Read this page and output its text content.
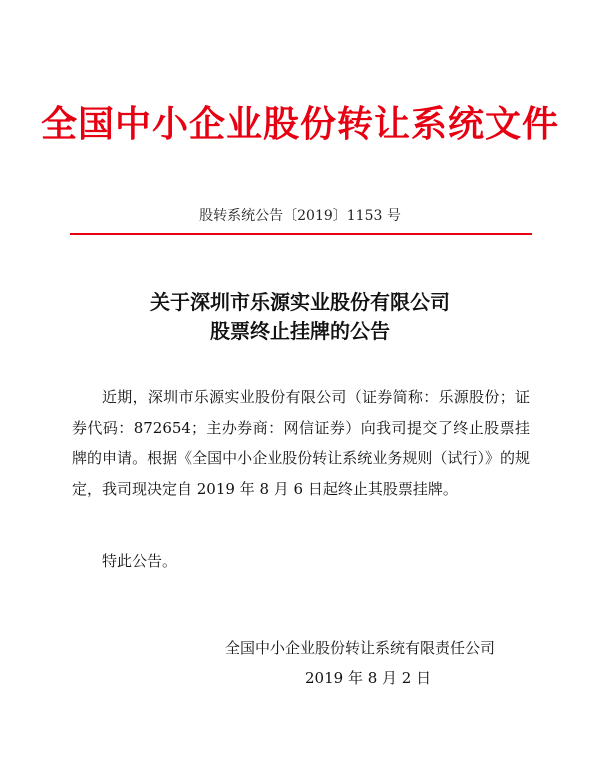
全国中小企业股份转让系统文件
股转系统公告〔2019〕1153 号
关于深圳市乐源实业股份有限公司
股票终止挂牌的公告
近期，深圳市乐源实业股份有限公司（证券简称：乐源股份；证券代码：872654；主办券商：网信证券）向我司提交了终止股票挂牌的申请。根据《全国中小企业股份转让系统业务规则（试行）》的规定，我司现决定自 2019 年 8 月 6 日起终止其股票挂牌。
特此公告。
全国中小企业股份转让系统有限责任公司
2019 年 8 月 2 日
